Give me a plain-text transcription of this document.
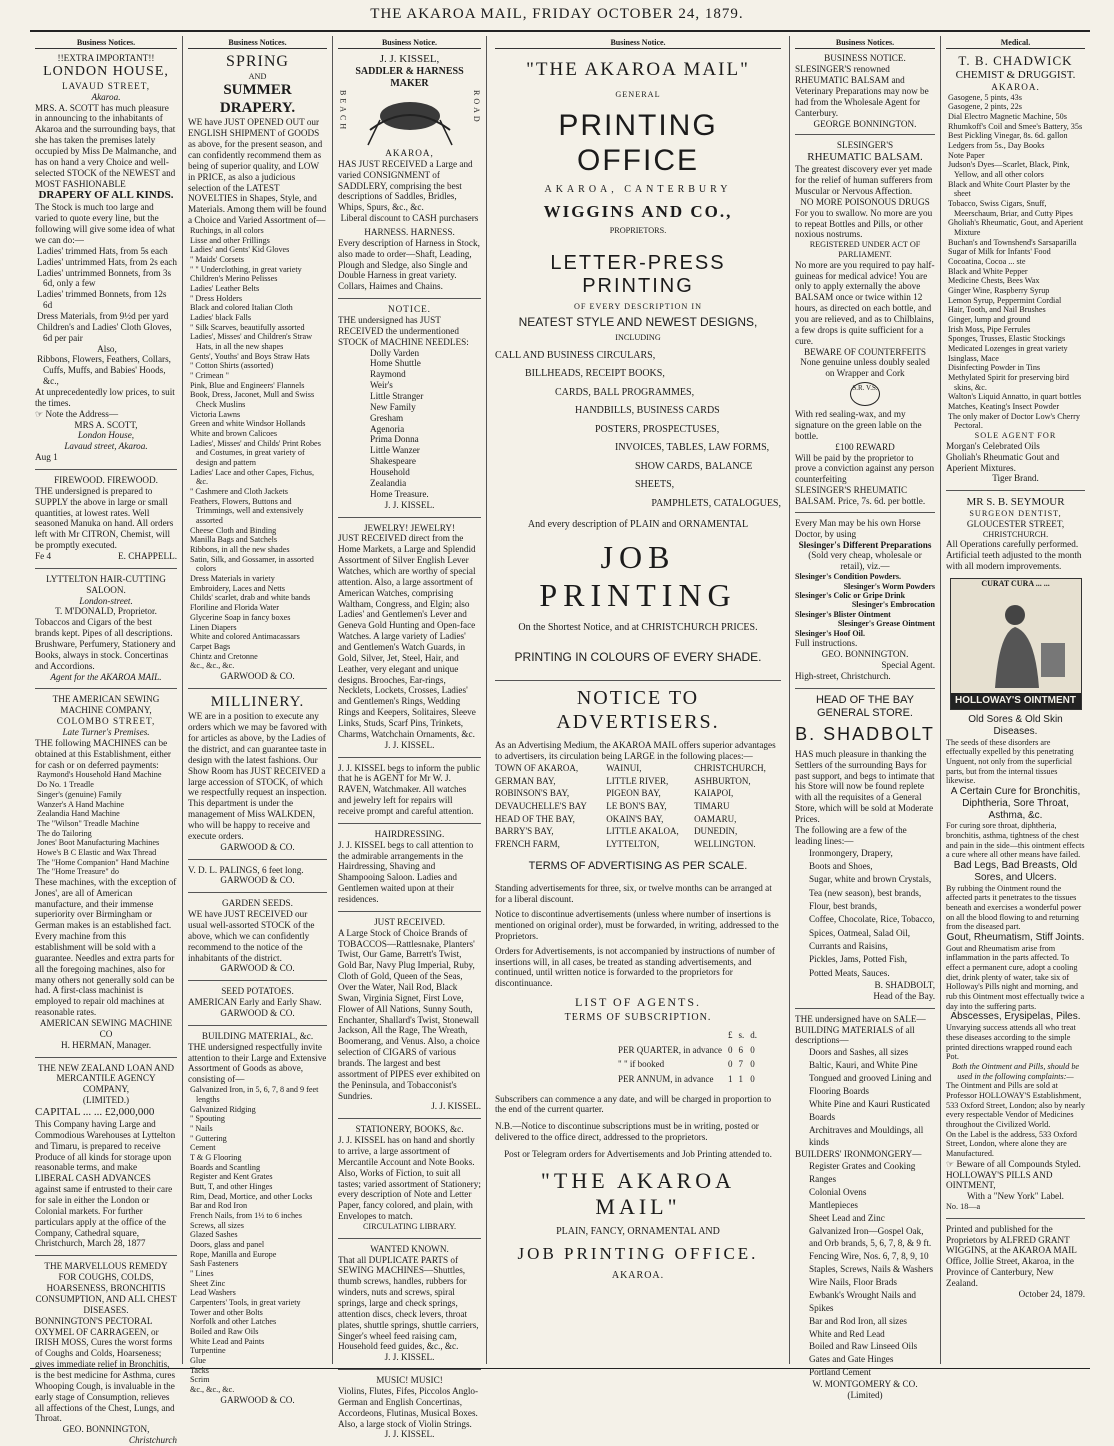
THE AKAROA MAIL, FRIDAY OCTOBER 24, 1879.
Business Notices.
!!EXTRA IMPORTANT!!
LONDON HOUSE,
LAVAUD STREET,
Akaroa.
MRS. A. SCOTT has much pleasure in announcing to the inhabitants of Akaroa and the surrounding bays, that she has taken the premises lately occupied by Miss De Malmanche, and has on hand a very Choice and well-selected STOCK of the NEWEST and MOST FASHIONABLE
DRAPERY OF ALL KINDS.
The Stock is much too large and varied to quote every line, but the following will give some idea of what we can do:—
Ladies' trimmed Hats, from 5s each
Ladies' untrimmed Hats, from 2s each
Ladies' untrimmed Bonnets, from 3s 6d, only a few
Ladies' trimmed Bonnets, from 12s 6d
Dress Materials, from 9½d per yard
Children's and Ladies' Cloth Gloves, 6d per pair
Also,
Ribbons, Flowers, Feathers, Collars, Cuffs, Muffs, and Babies' Hoods, &c.,
At unprecedentedly low prices, to suit the times.
☞ Note the Address—
MRS A. SCOTT,
London House,
Lavaud street, Akaroa.
Aug 1
FIREWOOD. FIREWOOD.
THE undersigned is prepared to SUPPLY the above in large or small quantities, at lowest rates. Well seasoned Manuka on hand. All orders left with Mr CITRON, Chemist, will be promptly executed.
Fe 4	E. CHAPPELL.
LYTTELTON HAIR-CUTTING SALOON.
London-street.
T. M'DONALD, Proprietor.
Tobaccos and Cigars of the best brands kept. Pipes of all descriptions. Brushware, Perfumery, Stationery and Books, always in stock. Concertinas and Accordions.
Agent for the AKAROA MAIL.
THE AMERICAN SEWING MACHINE COMPANY,
COLOMBO STREET,
Late Turner's Premises.
THE following MACHINES can be obtained at this Establishment, either for cash or on deferred payments:
Raymond's Household Hand Machine
Do No. 1 Treadle
Singer's (genuine) Family
Wanzer's A Hand Machine
Zealandia Hand Machine
The "Wilson" Treadle Machine
The do Tailoring
Jones' Boot Manufacturing Machines
Howe's B C Elastic and Wax Thread
The "Home Companion" Hand Machine
The "Home Treasure" do
These machines, with the exception of Jones', are all of American manufacture, and their immense superiority over Birmingham or German makes is an established fact. Every machine from this establishment will be sold with a guarantee. Needles and extra parts for all the foregoing machines, also for many others not generally sold can be had. A first-class machinist is employed to repair old machines at reasonable rates.
AMERICAN SEWING MACHINE CO
H. HERMAN, Manager.
THE NEW ZEALAND LOAN AND MERCANTILE AGENCY COMPANY,
(LIMITED.)
CAPITAL ... ... £2,000,000
This Company having Large and Commodious Warehouses at Lyttelton and Timaru, is prepared to receive Produce of all kinds for storage upon reasonable terms, and make LIBERAL CASH ADVANCES against same if entrusted to their care for sale in either the London or Colonial markets. For further particulars apply at the office of the Company, Cathedral square, Christchurch, March 28, 1877
THE MARVELLOUS REMEDY FOR COUGHS, COLDS, HOARSENESS, BRONCHITIS CONSUMPTION, AND ALL CHEST DISEASES.
BONNINGTON'S PECTORAL OXYMEL OF CARRAGEEN, or IRISH MOSS, Cures the worst forms of Coughs and Colds, Hoarseness; gives immediate relief in Bronchitis, is the best medicine for Asthma, cures Whooping Cough, is invaluable in the early stage of Consumption, relieves all affections of the Chest, Lungs, and Throat.
GEO. BONNINGTON,
Christchurch
Business Notices.
SPRING
AND
SUMMER DRAPERY.
WE have JUST OPENED OUT our ENGLISH SHIPMENT of GOODS as above, for the present season, and can confidently recommend them as being of superior quality, and LOW in PRICE, as also a judicious selection of the LATEST NOVELTIES in Shapes, Style, and Materials. Among them will be found a Choice and Varied Assortment of—
Ruchings, in all colors
Lisse and other Frillings
Ladies' and Gents' Kid Gloves
" Maids' Corsets
" " Underclothing, in great variety
Children's Merino Pelisses
Ladies' Leather Belts
" Dress Holders
Black and colored Italian Cloth
Ladies' black Falls
" Silk Scarves, beautifully assorted
Ladies', Misses' and Children's Straw Hats, in all the new shapes
Gents', Youths' and Boys Straw Hats
" Cotton Shirts (assorted)
" Crimean "
Pink, Blue and Engineers' Flannels
Book, Dress, Jaconet, Mull and Swiss Check Muslins
Victoria Lawns
Green and white Windsor Hollands
White and brown Calicoes
Ladies', Misses' and Childs' Print Robes and Costumes, in great variety of design and pattern
Ladies' Lace and other Capes, Fichus, &c.
" Cashmere and Cloth Jackets
Feathers, Flowers, Buttons and Trimmings, well and extensively assorted
Cheese Cloth and Binding
Manilla Bags and Satchels
Ribbons, in all the new shades
Satin, Silk, and Gossamer, in assorted colors
Dress Materials in variety
Embroidery, Laces and Netts
Childs' scarlet, drab and white bands
Floriline and Florida Water
Glycerine Soap in fancy boxes
Linen Diapers
White and colored Antimacassars
Carpet Bags
Chintz and Cretonne
&c., &c., &c.
GARWOOD & CO.
MILLINERY.
WE are in a position to execute any orders which we may be favored with for articles as above, by the Ladies of the district, and can guarantee taste in design with the latest fashions. Our Show Room has JUST RECEIVED a large accession of STOCK, of which we respectfully request an inspection. This department is under the management of Miss WALKDEN, who will be happy to receive and execute orders.
GARWOOD & CO.
V. D. L. PALINGS, 6 feet long.
GARWOOD & CO.
GARDEN SEEDS.
WE have JUST RECEIVED our usual well-assorted STOCK of the above, which we can confidently recommend to the notice of the inhabitants of the district.
GARWOOD & CO.
SEED POTATOES.
AMERICAN Early and Early Shaw.
GARWOOD & CO.
BUILDING MATERIAL, &c.
THE undersigned respectfully invite attention to their Large and Extensive Assortment of Goods as above, consisting of—
Galvanized Iron, in 5, 6, 7, 8 and 9 feet lengths
Galvanized Ridging
" Spouting
" Nails
" Guttering
Cement
T & G Flooring
Boards and Scantling
Register and Kent Grates
Butt, T, and other Hinges
Rim, Dead, Mortice, and other Locks
Bar and Rod Iron
French Nails, from 1½ to 6 inches
Screws, all sizes
Glazed Sashes
Doors, glass and panel
Rope, Manilla and Europe
Sash Fasteners
" Lines
Sheet Zinc
Lead Washers
Carpenters' Tools, in great variety
Tower and other Bolts
Norfolk and other Latches
Boiled and Raw Oils
White Lead and Paints
Turpentine
Glue
Tacks
Scrim
&c., &c., &c.
GARWOOD & CO.
Business Notice.
J. J. KISSEL,
SADDLER & HARNESS MAKER
BEACH	ROAD
AKAROA,
HAS JUST RECEIVED a Large and varied CONSIGNMENT of SADDLERY, comprising the best descriptions of Saddles, Bridles, Whips, Spurs, &c., &c.
Liberal discount to CASH purchasers
HARNESS. HARNESS.
Every description of Harness in Stock, also made to order—Shaft, Leading, Plough and Sledge, also Single and Double Harness in great variety. Collars, Haimes and Chains.
NOTICE.
THE undersigned has JUST RECEIVED the undermentioned STOCK of MACHINE NEEDLES:
Dolly Varden
Home Shuttle
Raymond
Weir's
Little Stranger
New Family
Gresham
Agenoria
Prima Donna
Little Wanzer
Shakespeare
Household
Zealandia
Home Treasure.
J. J. KISSEL.
JEWELRY! JEWELRY!
JUST RECEIVED direct from the Home Markets, a Large and Splendid Assortment of Silver English Lever Watches, which are worthy of special attention. Also, a large assortment of American Watches, comprising Waltham, Congress, and Elgin; also Ladies' and Gentlemen's Lever and Geneva Gold Hunting and Open-face Watches. A large variety of Ladies' and Gentlemen's Watch Guards, in Gold, Silver, Jet, Steel, Hair, and Leather, very elegant and unique designs. Brooches, Ear-rings, Necklets, Lockets, Crosses, Ladies' and Gentlemen's Rings, Wedding Rings and Keepers, Solitaires, Sleeve Links, Studs, Scarf Pins, Trinkets, Charms, Watchchain Ornaments, &c.
J. J. KISSEL.
J. J. KISSEL begs to inform the public that he is AGENT for Mr W. J. RAVEN, Watchmaker. All watches and jewelry left for repairs will receive prompt and careful attention.
HAIRDRESSING.
J. J. KISSEL begs to call attention to the admirable arrangements in the Hairdressing, Shaving and Shampooing Saloon. Ladies and Gentlemen waited upon at their residences.
JUST RECEIVED.
A Large Stock of Choice Brands of TOBACCOS—Rattlesnake, Planters' Twist, Our Game, Barrett's Twist, Gold Bar, Navy Plug Imperial, Ruby, Cloth of Gold, Queen of the Seas, Over the Water, Nail Rod, Black Swan, Virginia Signet, First Love, Flower of All Nations, Sunny South, Enchanter, Shallard's Twist, Stonewall Jackson, All the Rage, The Wreath, Boomerang, and Venus. Also, a choice selection of CIGARS of various brands. The largest and best assortment of PIPES ever exhibited on the Peninsula, and Tobacconist's Sundries.
J. J. KISSEL.
STATIONERY, BOOKS, &c.
J. J. KISSEL has on hand and shortly to arrive, a large assortment of Mercantile Account and Note Books. Also, Works of Fiction, to suit all tastes; varied assortment of Stationery; every description of Note and Letter Paper, fancy colored, and plain, with Envelopes to match.
CIRCULATING LIBRARY.
WANTED KNOWN.
That all DUPLICATE PARTS of SEWING MACHINES—Shuttles, thumb screws, handles, rubbers for winders, nuts and screws, spiral springs, large and check springs, attention discs, check levers, throat plates, shuttle springs, shuttle carriers, Singer's wheel feed raising cam, Household feed guides, &c., &c.
J. J. KISSEL.
MUSIC! MUSIC!
Violins, Flutes, Fifes, Piccolos Anglo-German and English Concertinas, Accordeons, Flutinas, Musical Boxes. Also, a large stock of Violin Strings.
J. J. KISSEL.
Business Notice.
"THE AKAROA MAIL"
GENERAL
PRINTING OFFICE
AKAROA, CANTERBURY
WIGGINS AND CO.,
PROPRIETORS.
LETTER-PRESS PRINTING
OF EVERY DESCRIPTION IN
NEATEST STYLE AND NEWEST DESIGNS,
INCLUDING
CALL AND BUSINESS CIRCULARS,
BILLHEADS, RECEIPT BOOKS,
CARDS, BALL PROGRAMMES,
HANDBILLS, BUSINESS CARDS
POSTERS, PROSPECTUSES,
INVOICES, TABLES, LAW FORMS,
SHOW CARDS, BALANCE SHEETS,
PAMPHLETS, CATALOGUES,
And every description of PLAIN and ORNAMENTAL
JOB PRINTING
On the Shortest Notice, and at CHRISTCHURCH PRICES.
PRINTING IN COLOURS OF EVERY SHADE.
NOTICE TO ADVERTISERS.
As an Advertising Medium, the AKAROA MAIL offers superior advantages to advertisers, its circulation being LARGE in the following places:—
TOWN OF AKAROA,	WAINUI,	CHRISTCHURCH,
GERMAN BAY,	LITTLE RIVER,	ASHBURTON,
ROBINSON'S BAY,	PIGEON BAY,	KAIAPOI,
DEVAUCHELLE'S BAY	LE BON'S BAY,	TIMARU
HEAD OF THE BAY,	OKAIN'S BAY,	OAMARU,
BARRY'S BAY,	LITTLE AKALOA,	DUNEDIN,
FRENCH FARM,	LYTTELTON,	WELLINGTON.
TERMS OF ADVERTISING AS PER SCALE.
Standing advertisements for three, six, or twelve months can be arranged at for a liberal discount.
Notice to discontinue advertisements (unless where number of insertions is mentioned on original order), must be forwarded, in writing, addressed to the Proprietors.
Orders for Advertisements, is not accompanied by instructions of number of insertions will, in all cases, be treated as standing advertisements, and continued, until written notice is forwarded to the proprietors for discontinuance.
LIST OF AGENTS.
TERMS OF SUBSCRIPTION.
	£	s.	d.
PER QUARTER, in advance	0	6	0
" " if booked	0	7	0
PER ANNUM, in advance	1	1	0
Subscribers can commence a any date, and will be charged in proportion to the end of the current quarter.
N.B.—Notice to discontinue subscriptions must be in writing, posted or delivered to the office direct, addressed to the proprietors.
Post or Telegram orders for Advertisements and Job Printing attended to.
"THE AKAROA MAIL"
PLAIN, FANCY, ORNAMENTAL AND
JOB PRINTING OFFICE.
AKAROA.
Business Notices.
BUSINESS NOTICE.
SLESINGER'S renowned RHEUMATIC BALSAM and Veterinary Preparations may now be had from the Wholesale Agent for Canterbury.
GEORGE BONNINGTON.
SLESINGER'S
RHEUMATIC BALSAM.
The greatest discovery ever yet made for the relief of human sufferers from Muscular or Nervous Affection.
NO MORE POISONOUS DRUGS
For you to swallow. No more are you to repeat Bottles and Pills, or other noxious nostrums.
REGISTERED UNDER ACT OF PARLIAMENT.
No more are you required to pay half-guineas for medical advice! You are only to apply externally the above BALSAM once or twice within 12 hours, as directed on each bottle, and you are relieved, and as to Chilblains, a few drops is quite sufficient for a cure.
BEWARE OF COUNTERFEITS
None genuine unless doubly sealed on Wrapper and Cork
S.R. V.S.
With red sealing-wax, and my signature on the green lable on the bottle.
£100 REWARD
Will be paid by the proprietor to prove a conviction against any person counterfeiting
SLESINGER'S RHEUMATIC BALSAM. Price, 7s. 6d. per bottle.
Every Man may be his own Horse Doctor, by using
Slesinger's Different Preparations
(Sold very cheap, wholesale or retail), viz.—
Slesinger's Condition Powders.
Slesinger's Worm Powders
Slesinger's Colic or Gripe Drink
Slesinger's Embrocation
Slesinger's Blister Ointment
Slesinger's Grease Ointment
Slesinger's Hoof Oil.
Full instructions.
GEO. BONNINGTON.
Special Agent.
High-street, Christchurch.
HEAD OF THE BAY GENERAL STORE.
B. SHADBOLT
HAS much pleasure in thanking the Settlers of the surrounding Bays for past support, and begs to intimate that his Store will now be found replete with all the requisites of a General Store, which will be sold at Moderate Prices.
The following are a few of the leading lines:—
Ironmongery, Drapery,
Boots and Shoes,
Sugar, white and brown Crystals,
Tea (new season), best brands,
Flour, best brands,
Coffee, Chocolate, Rice, Tobacco,
Spices, Oatmeal, Salad Oil,
Currants and Raisins,
Pickles, Jams, Potted Fish,
Potted Meats, Sauces.
B. SHADBOLT,
Head of the Bay.
THE undersigned have on SALE—
BUILDING MATERIALS of all descriptions—
Doors and Sashes, all sizes
Baltic, Kauri, and White Pine
Tongued and grooved Lining and Flooring Boards
White Pine and Kauri Rusticated Boards
Architraves and Mouldings, all kinds
BUILDERS' IRONMONGERY—
Register Grates and Cooking Ranges
Colonial Ovens
Mantlepieces
Sheet Lead and Zinc
Galvanized Iron—Gospel Oak, and Orb brands, 5, 6, 7, 8, & 9 ft.
Fencing Wire, Nos. 6, 7, 8, 9, 10
Staples, Screws, Nails & Washers
Wire Nails, Floor Brads
Ewbank's Wrought Nails and Spikes
Bar and Rod Iron, all sizes
White and Red Lead
Boiled and Raw Linseed Oils
Gates and Gate Hinges
Portland Cement
W. MONTGOMERY & CO. (Limited)
Medical.
T. B. CHADWICK
CHEMIST & DRUGGIST.
AKAROA.
Gasogene, 5 pints, 43s
Gasogene, 2 pints, 22s
Dial Electro Magnetic Machine, 50s
Rhumkoff's Coil and Smee's Battery, 35s
Best Pickling Vinegar, 8s. 6d. gallon
Ledgers from 5s., Day Books
Note Paper
Judson's Dyes—Scarlet, Black, Pink, Yellow, and all other colors
Black and White Court Plaster by the sheet
Tobacco, Swiss Cigars, Snuff, Meerschaum, Briar, and Cutty Pipes
Gholiah's Rheumatic, Gout, and Aperient Mixture
Buchan's and Townshend's Sarsaparilla
Sugar of Milk for Infants' Food
Cocoatina, Cocoa ... ste
Black and White Pepper
Medicine Chests, Bees Wax
Ginger Wine, Raspberry Syrup
Lemon Syrup, Peppermint Cordial
Hair, Tooth, and Nail Brushes
Ginger, lump and ground
Irish Moss, Pipe Ferrules
Sponges, Trusses, Elastic Stockings
Medicated Lozenges in great variety
Isinglass, Mace
Disinfecting Powder in Tins
Methylated Spirit for preserving bird skins, &c.
Walton's Liquid Annatto, in quart bottles
Matches, Keating's Insect Powder
The only maker of Doctor Low's Cherry Pectoral.
SOLE AGENT FOR
Morgan's Celebrated Oils
Gholiah's Rheumatic Gout and Aperient Mixtures.
Tiger Brand.
MR S. B. SEYMOUR
SURGEON DENTIST,
GLOUCESTER STREET,
CHRISTCHURCH.
All Operations carefully performed. Artificial teeth adjusted to the month with all modern improvements.
CURAT CURA ... ...
HOLLOWAY'S OINTMENT
Old Sores & Old Skin Diseases.
The seeds of these disorders are effectually expelled by this penetrating Unguent, not only from the superficial parts, but from the internal tissues likewise.
A Certain Cure for Bronchitis, Diphtheria, Sore Throat, Asthma, &c.
For curing sore throat, diphtheria, bronchitis, asthma, tightness of the chest and pain in the side—this ointment effects a cure where all other means have failed.
Bad Legs, Bad Breasts, Old Sores, and Ulcers.
By rubbing the Ointment round the affected parts it penetrates to the tissues beneath and exercises a wonderful power on all the blood flowing to and returning from the diseased part.
Gout, Rheumatism, Stiff Joints.
Gout and Rheumatism arise from inflammation in the parts affected. To effect a permanent cure, adopt a cooling diet, drink plenty of water, take six of Holloway's Pills night and morning, and rub this Ointment most effectually twice a day into the suffering parts.
Abscesses, Erysipelas, Piles.
Unvarying success attends all who treat these diseases according to the simple printed directions wrapped round each Pot.
Both the Ointment and Pills, should be used in the following complaints:—
The Ointment and Pills are sold at Professor HOLLOWAY'S Establishment, 533 Oxford Street, London; also by nearly every respectable Vendor of Medicines throughout the Civilized World.
On the Label is the address, 533 Oxford Street, London, where alone they are Manufactured.
☞ Beware of all Compounds Styled.
HOLLOWAY'S PILLS AND OINTMENT,
With a "New York" Label.
No. 18—a
Printed and published for the Proprietors by ALFRED GRANT WIGGINS, at the AKAROA MAIL Office, Jollie Street, Akaroa, in the Province of Canterbury, New Zealand.
October 24, 1879.
